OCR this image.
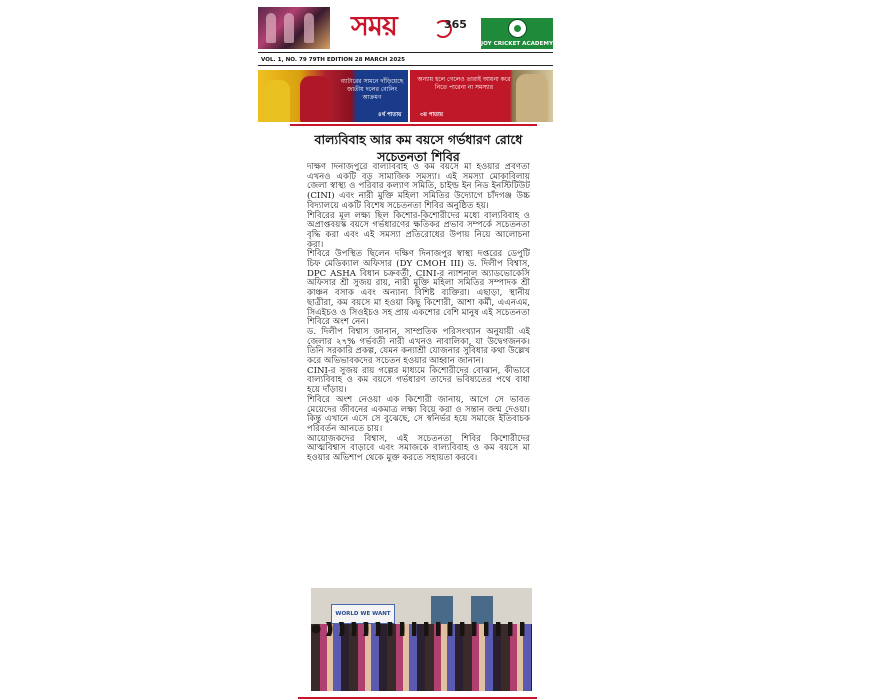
সময়	365
JOY CRICKET ACADEMY
VOL. 1, NO. 79 79TH EDITION 28 MARCH 2025
ব্যাটারের সামনে দাঁড়িয়েছে জাতীয় দলের বোলিং আক্রমণ
৪র্থ পাতায়
অন্যায় হলে গেলেও তারাই আয়না করে নিতে পারেনা না সমস্যার
৩য় পাতায়
বাল্যবিবাহ আর কম বয়সে গর্ভধারণ রোধে সচেতনতা শিবির

দক্ষিণ দিনাজপুরে বাল্যবিবাহ ও কম বয়সে মা হওয়ার প্রবণতা এখনও একটি বড় সামাজিক সমস্যা। এই সমস্যা মোকাবিলায় জেলা স্বাস্থ্য ও পরিবার কল্যাণ সমিতি, চাইল্ড ইন নিড ইনস্টিটিউট (CINI) এবং নারী মুক্তি মহিলা সমিতির উদ্যোগে চাঁদগঞ্জ উচ্চ বিদ্যালয়ে একটি বিশেষ সচেতনতা শিবির অনুষ্ঠিত হয়।

শিবিরের মূল লক্ষ্য ছিল কিশোর-কিশোরীদের মধ্যে বাল্যবিবাহ ও অপ্রাপ্তবয়স্ক বয়সে গর্ভধারণের ক্ষতিকর প্রভাব সম্পর্কে সচেতনতা বৃদ্ধি করা এবং এই সমস্যা প্রতিরোধের উপায় নিয়ে আলোচনা করা।

শিবিরে উপস্থিত ছিলেন দক্ষিণ দিনাজপুর স্বাস্থ্য দপ্তরের ডেপুটি চিফ মেডিক্যাল অফিসার (DY CMOH III) ড. দিলীপ বিশ্বাস, DPC ASHA বিধান চক্রবর্তী, CINI-র ন্যাশনাল অ্যাডভোকেসি অফিসার শ্রী সুজয় রায়, নারী মুক্তি মহিলা সমিতির সম্পাদক শ্রী কাঞ্চন বসাক এবং অন্যান্য বিশিষ্ট ব্যক্তিরা। এছাড়া, স্থানীয় ছাত্রীরা, কম বয়সে মা হওয়া কিছু কিশোরী, আশা কর্মী, এএনএম, সিএইচও ও সিওইচও সহ প্রায় একশোর বেশি মানুষ এই সচেতনতা শিবিরে অংশ নেন।

ড. দিলীপ বিশ্বাস জানান, সাম্প্রতিক পরিসংখ্যান অনুযায়ী এই জেলার ২৭% গর্ভবতী নারী এখনও নাবালিকা, যা উদ্বেগজনক। তিনি সরকারি প্রকল্প, যেমন কন্যাশ্রী যোজনার সুবিধার কথা উল্লেখ করে অভিভাবকদের সচেতন হওয়ার আহ্বান জানান।

CINI-র সুজয় রায় গল্পের মাধ্যমে কিশোরীদের বোঝান, কীভাবে বাল্যবিবাহ ও কম বয়সে গর্ভধারণ তাদের ভবিষ্যতের পথে বাধা হয়ে দাঁড়ায়।

শিবিরে অংশ নেওয়া এক কিশোরী জানায়, আগে সে ভাবত মেয়েদের জীবনের একমাত্র লক্ষ্য বিয়ে করা ও সন্তান জন্ম দেওয়া। কিন্তু এখানে এসে সে বুঝেছে, সে স্বনির্ভর হয়ে সমাজে ইতিবাচক পরিবর্তন আনতে চায়।

আয়োজকদের বিশ্বাস, এই সচেতনতা শিবির কিশোরীদের আত্মবিশ্বাস বাড়াবে এবং সমাজকে বাল্যবিবাহ ও কম বয়সে মা হওয়ার অভিশাপ থেকে মুক্ত করতে সহায়তা করবে।

WORLD WE WANT
